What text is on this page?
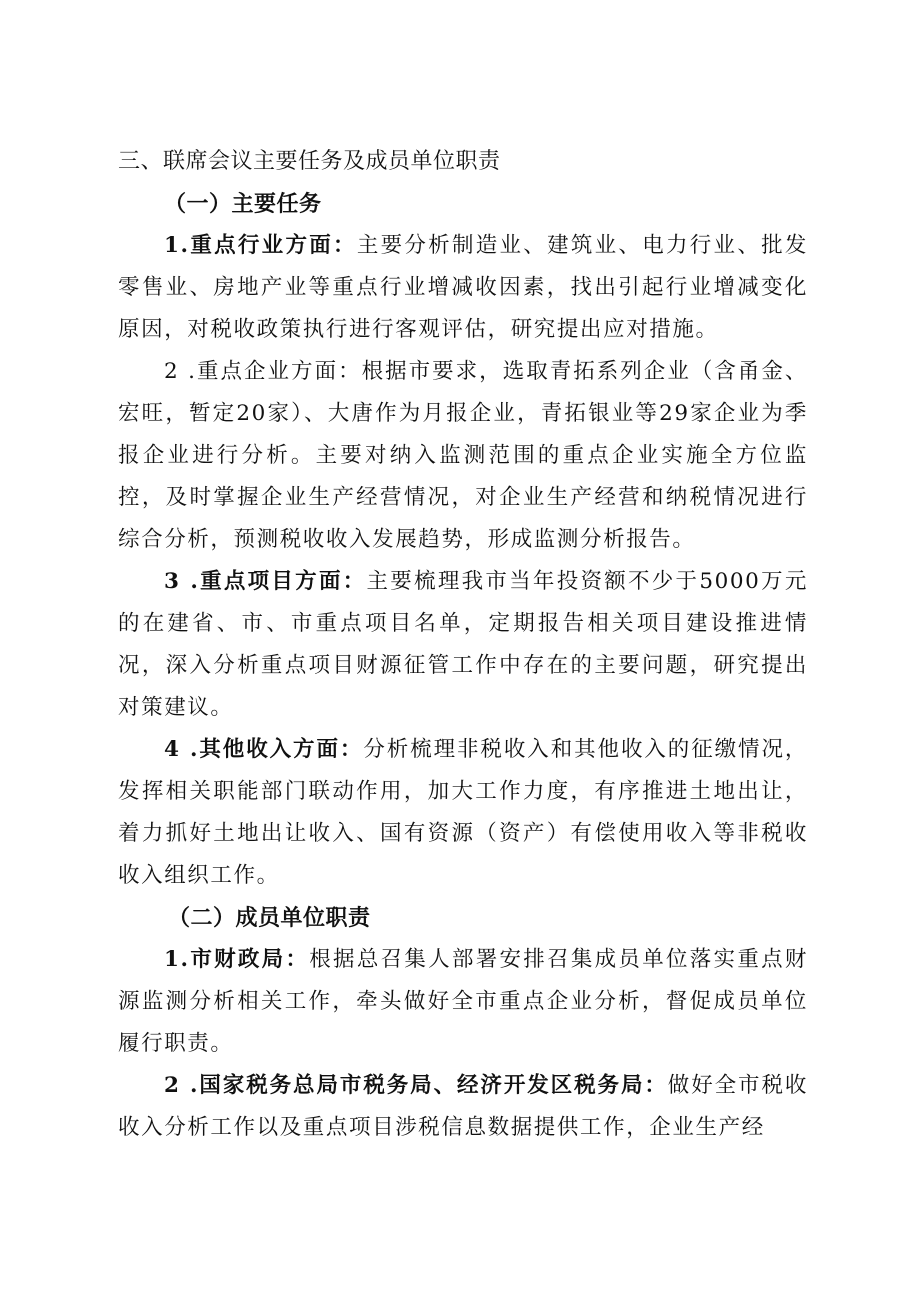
三、联席会议主要任务及成员单位职责
（一）主要任务

1.重点行业方面：主要分析制造业、建筑业、电力行业、批发零售业、房地产业等重点行业增减收因素，找出引起行业增减变化原因，对税收政策执行进行客观评估，研究提出应对措施。

2 .重点企业方面：根据市要求，选取青拓系列企业（含甬金、宏旺，暂定20家）、大唐作为月报企业，青拓银业等29家企业为季报企业进行分析。主要对纳入监测范围的重点企业实施全方位监控，及时掌握企业生产经营情况，对企业生产经营和纳税情况进行综合分析，预测税收收入发展趋势，形成监测分析报告。

3 .重点项目方面：主要梳理我市当年投资额不少于5000万元的在建省、市、市重点项目名单，定期报告相关项目建设推进情况，深入分析重点项目财源征管工作中存在的主要问题，研究提出对策建议。

4 .其他收入方面：分析梳理非税收入和其他收入的征缴情况，发挥相关职能部门联动作用，加大工作力度，有序推进土地出让，着力抓好土地出让收入、国有资源（资产）有偿使用收入等非税收收入组织工作。

（二）成员单位职责

1.市财政局：根据总召集人部署安排召集成员单位落实重点财源监测分析相关工作，牵头做好全市重点企业分析，督促成员单位履行职责。

2 .国家税务总局市税务局、经济开发区税务局：做好全市税收收入分析工作以及重点项目涉税信息数据提供工作，企业生产经
